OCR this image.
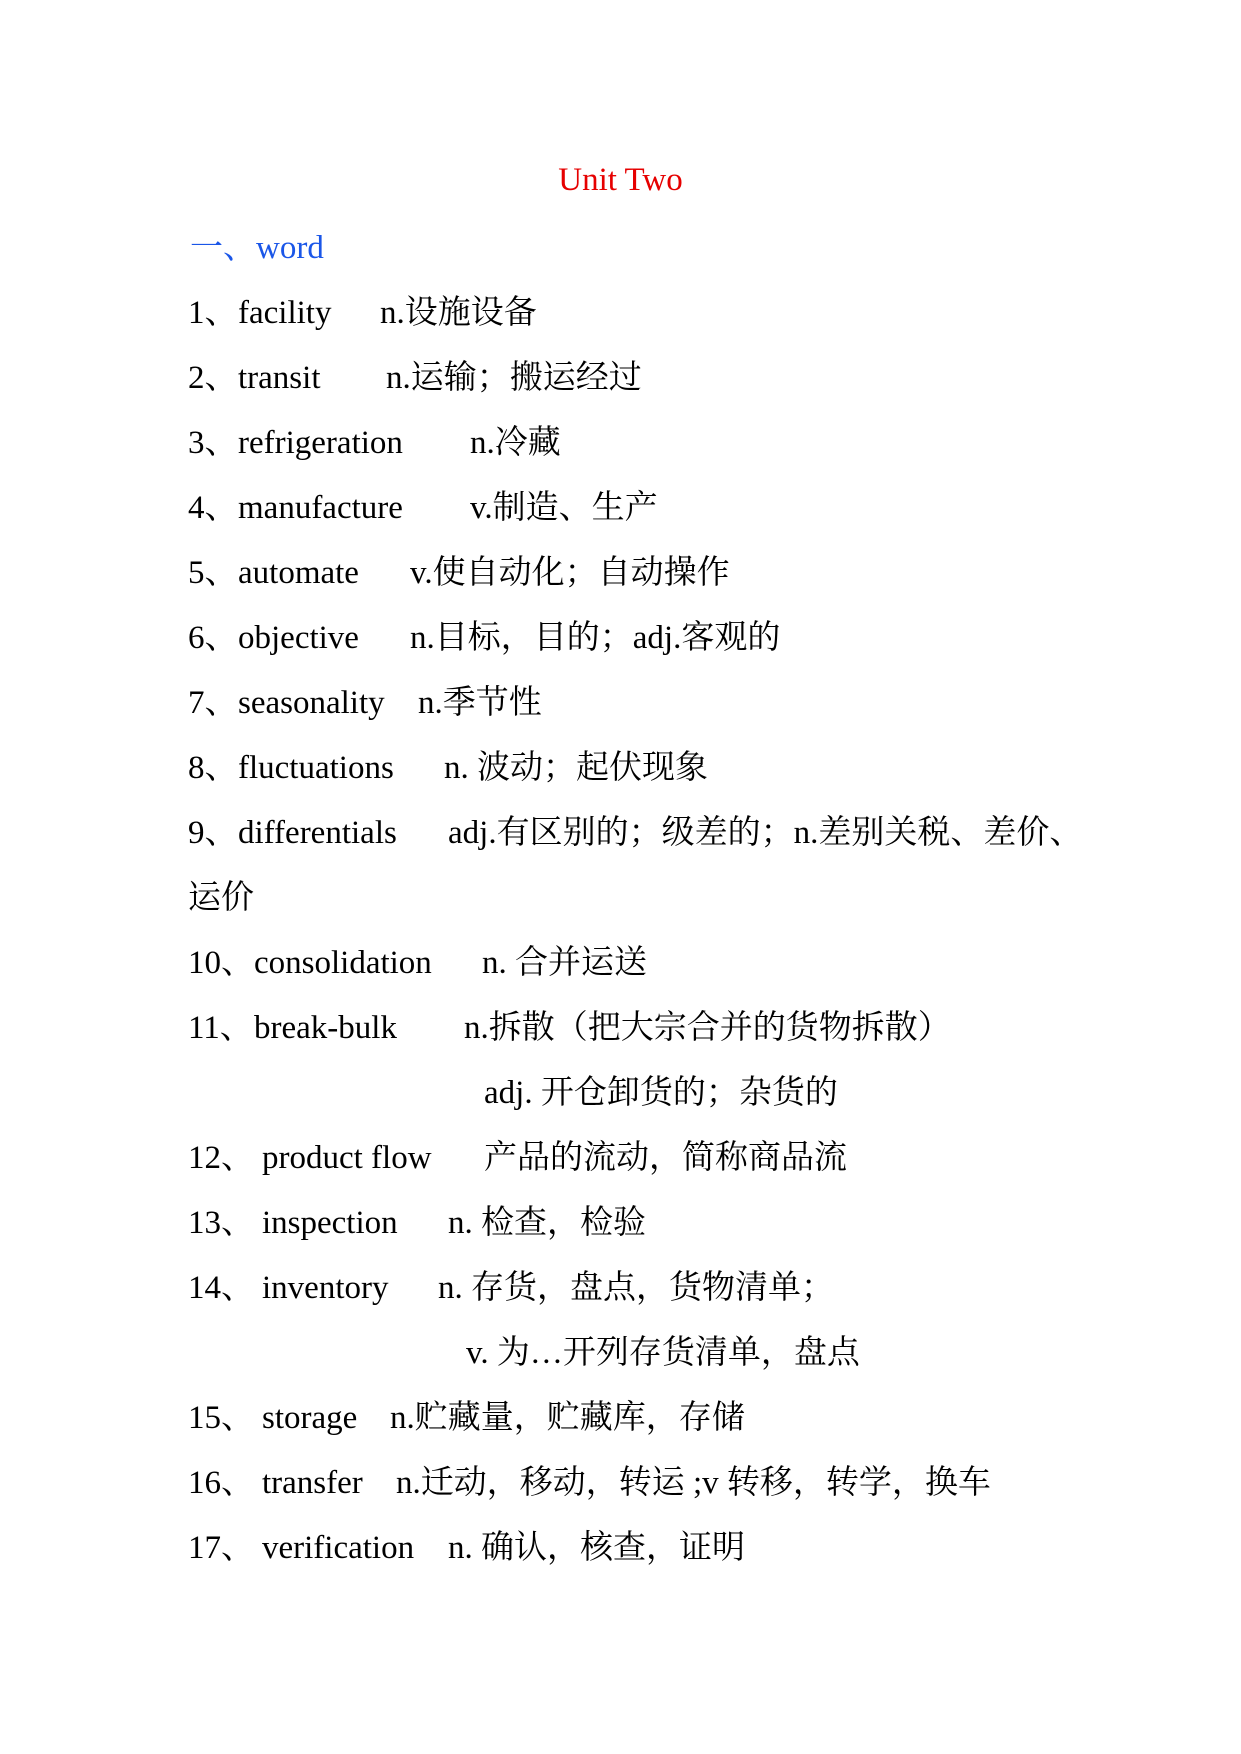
Unit Two
一、word
1、 facility n.设施设备
2、 transit n.运输；搬运经过
3、 refrigeration n.冷藏
4、 manufacture v.制造、生产
5、 automate v.使自动化；自动操作
6、 objective n.目标，目的；adj.客观的
7、 seasonality n.季节性
8、 fluctuations n. 波动；起伏现象
9、 differentials adj.有区别的；级差的；n.差别关税、差价、
运价
10、 consolidation n. 合并运送
11、 break-bulk n.拆散（把大宗合并的货物拆散）
adj. 开仓卸货的；杂货的
12、 product flow 产品的流动，简称商品流
13、 inspection n. 检查，检验
14、 inventory n. 存货，盘点，货物清单；
v. 为…开列存货清单，盘点
15、 storage n.贮藏量，贮藏库，存储
16、 transfer n.迁动，移动，转运 ;v 转移，转学，换车
17、 verification n. 确认，核查，证明
